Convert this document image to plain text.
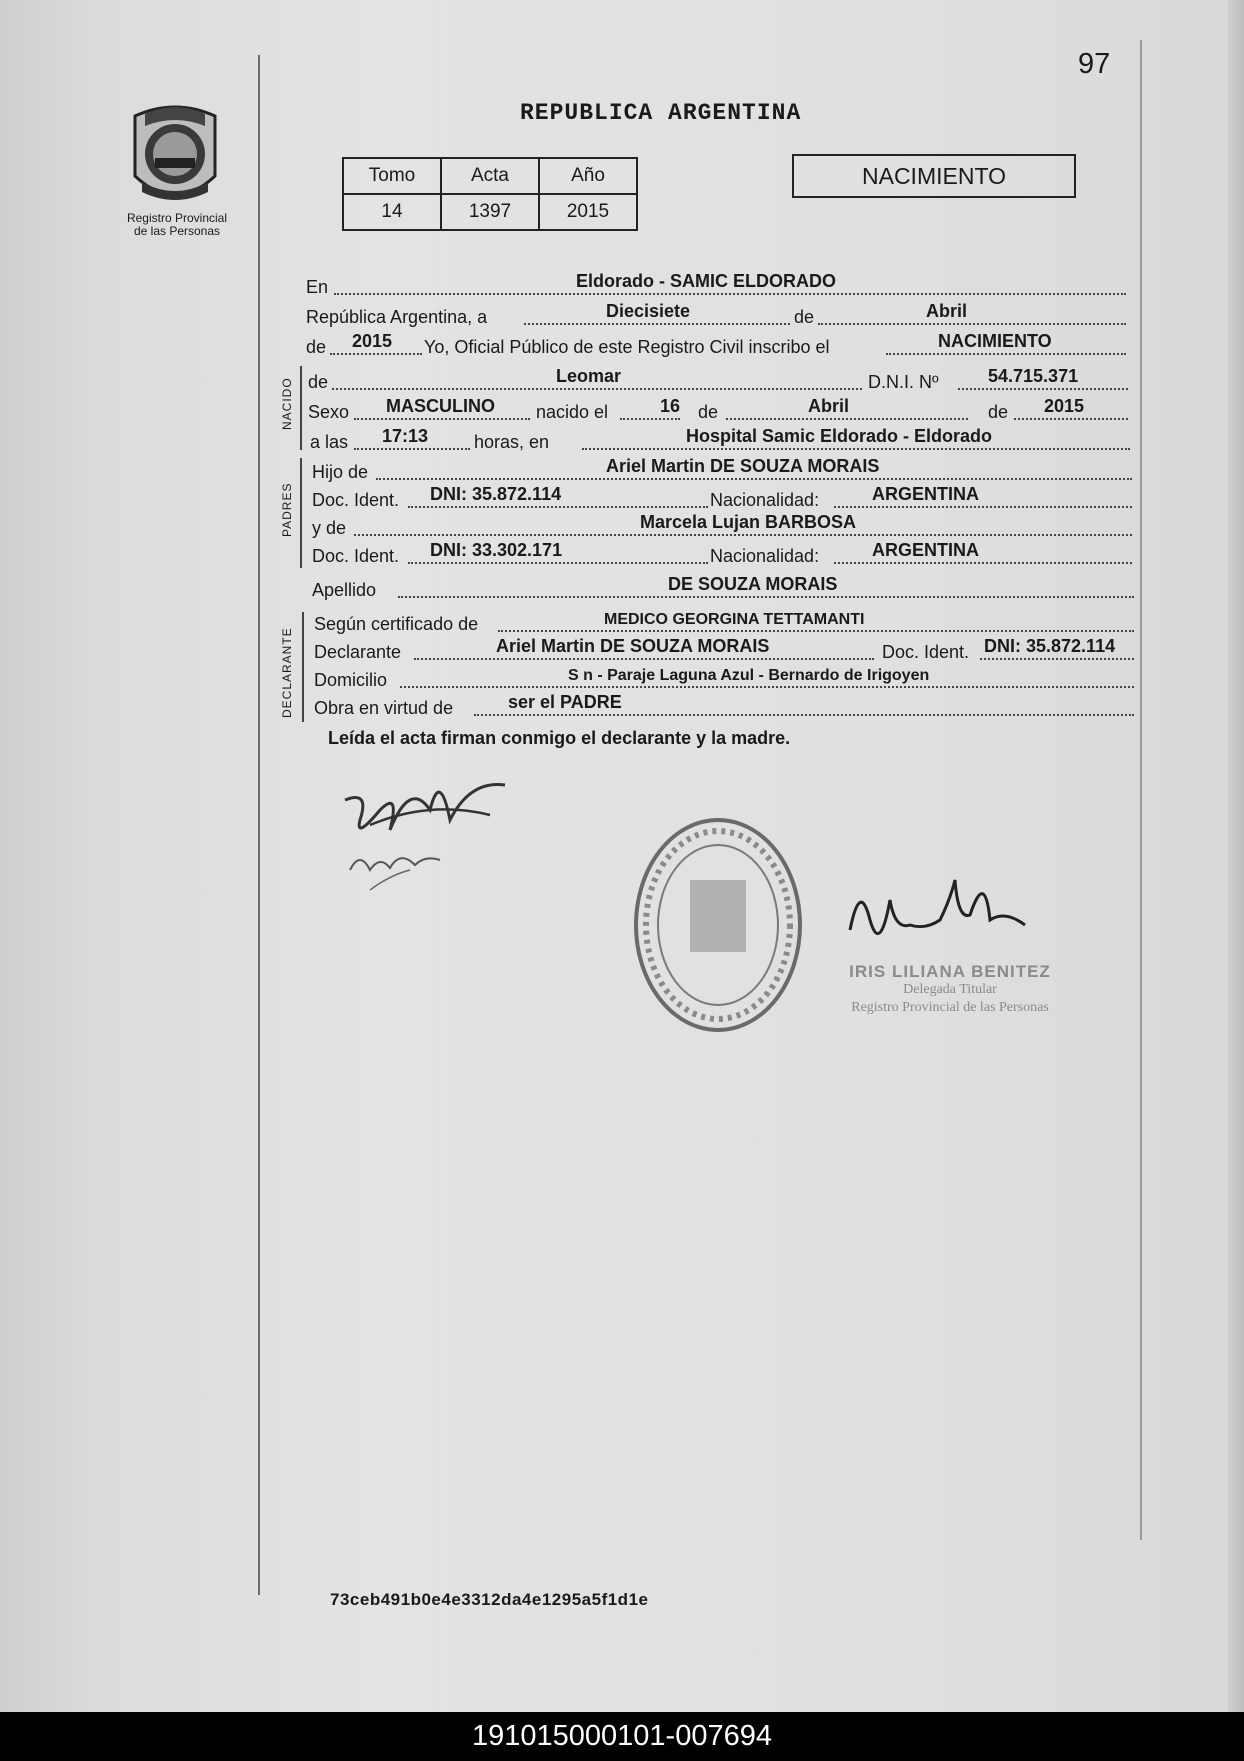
97
Registro Provincial
de las Personas
REPUBLICA ARGENTINA
Tomo	Acta	Año
14	1397	2015
NACIMIENTO
En	Eldorado - SAMIC ELDORADO
República Argentina, a	Diecisiete	de	Abril
de 2015 Yo, Oficial Público de este Registro Civil inscribo el	NACIMIENTO
de	Leomar	D.N.I. Nº	54.715.371
Sexo MASCULINO nacido el	16 de	Abril	de 2015
a las 17:13	horas, en	Hospital Samic Eldorado - Eldorado
Hijo de	Ariel Martin DE SOUZA MORAIS
Doc. Ident. DNI: 35.872.114	Nacionalidad:	ARGENTINA
y de	Marcela Lujan BARBOSA
Doc. Ident. DNI: 33.302.171	Nacionalidad:	ARGENTINA
Apellido	DE SOUZA MORAIS
Según certificado de	MEDICO GEORGINA TETTAMANTI
Declarante	Ariel Martin DE SOUZA MORAIS	Doc. Ident. DNI: 35.872.114
Domicilio	S n - Paraje Laguna Azul - Bernardo de Irigoyen
Obra en virtud de	ser el PADRE
NACIDO
PADRES
DECLARANTE
Leída el acta firman conmigo el declarante y la madre.
IRIS LILIANA BENITEZ
Delegada Titular
Registro Provincial de las Personas
73ceb491b0e4e3312da4e1295a5f1d1e
191015000101-007694
